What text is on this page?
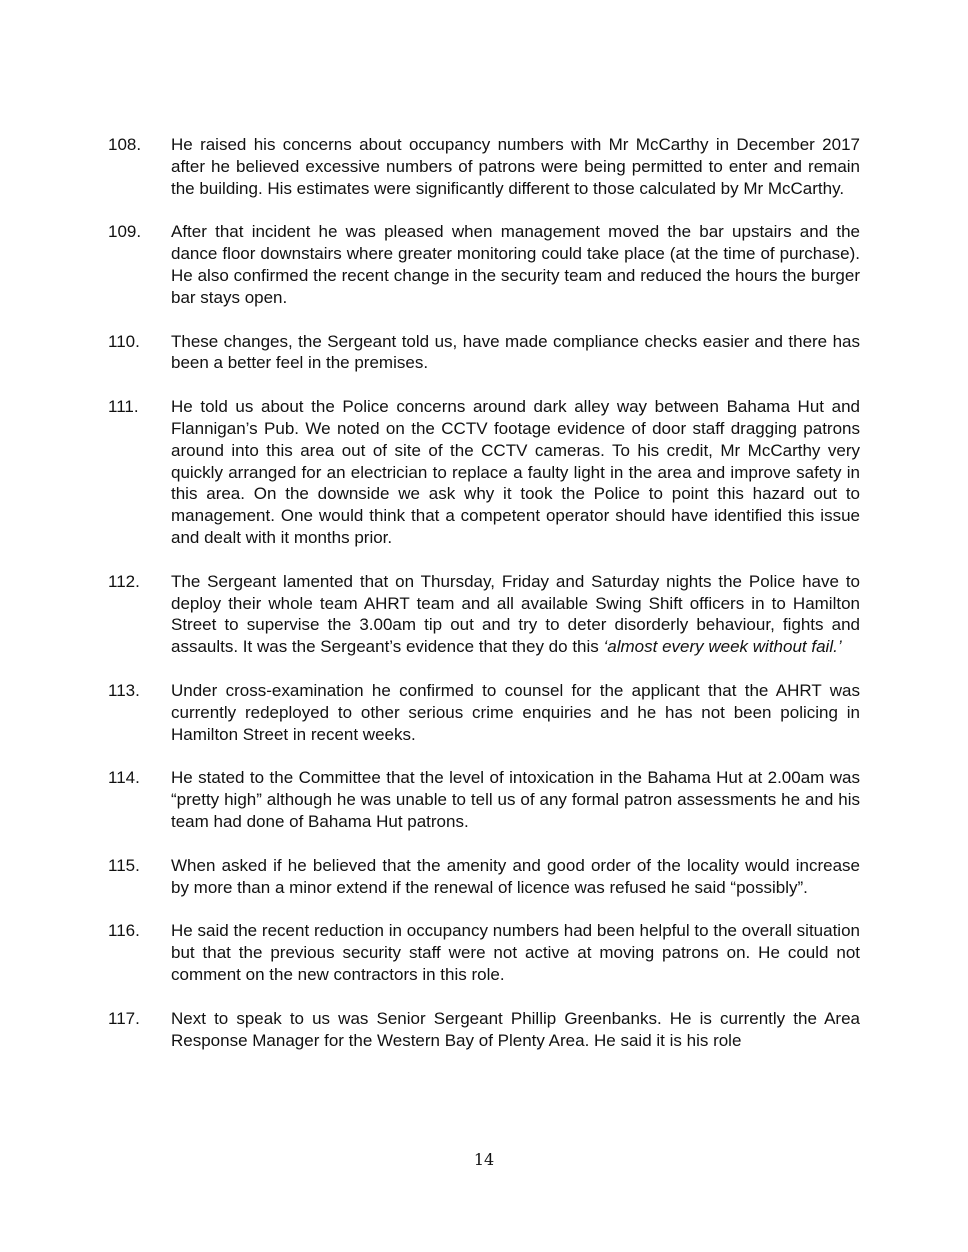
108.	He raised his concerns about occupancy numbers with Mr McCarthy in December 2017 after he believed excessive numbers of patrons were being permitted to enter and remain the building. His estimates were significantly different to those calculated by Mr McCarthy.
109.	After that incident he was pleased when management moved the bar upstairs and the dance floor downstairs where greater monitoring could take place (at the time of purchase). He also confirmed the recent change in the security team and reduced the hours the burger bar stays open.
110.	These changes, the Sergeant told us, have made compliance checks easier and there has been a better feel in the premises.
111.	He told us about the Police concerns around dark alley way between Bahama Hut and Flannigan’s Pub. We noted on the CCTV footage evidence of door staff dragging patrons around into this area out of site of the CCTV cameras. To his credit, Mr McCarthy very quickly arranged for an electrician to replace a faulty light in the area and improve safety in this area. On the downside we ask why it took the Police to point this hazard out to management. One would think that a competent operator should have identified this issue and dealt with it months prior.
112.	The Sergeant lamented that on Thursday, Friday and Saturday nights the Police have to deploy their whole team AHRT team and all available Swing Shift officers in to Hamilton Street to supervise the 3.00am tip out and try to deter disorderly behaviour, fights and assaults. It was the Sergeant’s evidence that they do this ‘almost every week without fail.’
113.	Under cross-examination he confirmed to counsel for the applicant that the AHRT was currently redeployed to other serious crime enquiries and he has not been policing in Hamilton Street in recent weeks.
114.	He stated to the Committee that the level of intoxication in the Bahama Hut at 2.00am was “pretty high” although he was unable to tell us of any formal patron assessments he and his team had done of Bahama Hut patrons.
115.	When asked if he believed that the amenity and good order of the locality would increase by more than a minor extend if the renewal of licence was refused he said “possibly”.
116.	He said the recent reduction in occupancy numbers had been helpful to the overall situation but that the previous security staff were not active at moving patrons on. He could not comment on the new contractors in this role.
117.	Next to speak to us was Senior Sergeant Phillip Greenbanks. He is currently the Area Response Manager for the Western Bay of Plenty Area. He said it is his role
14
